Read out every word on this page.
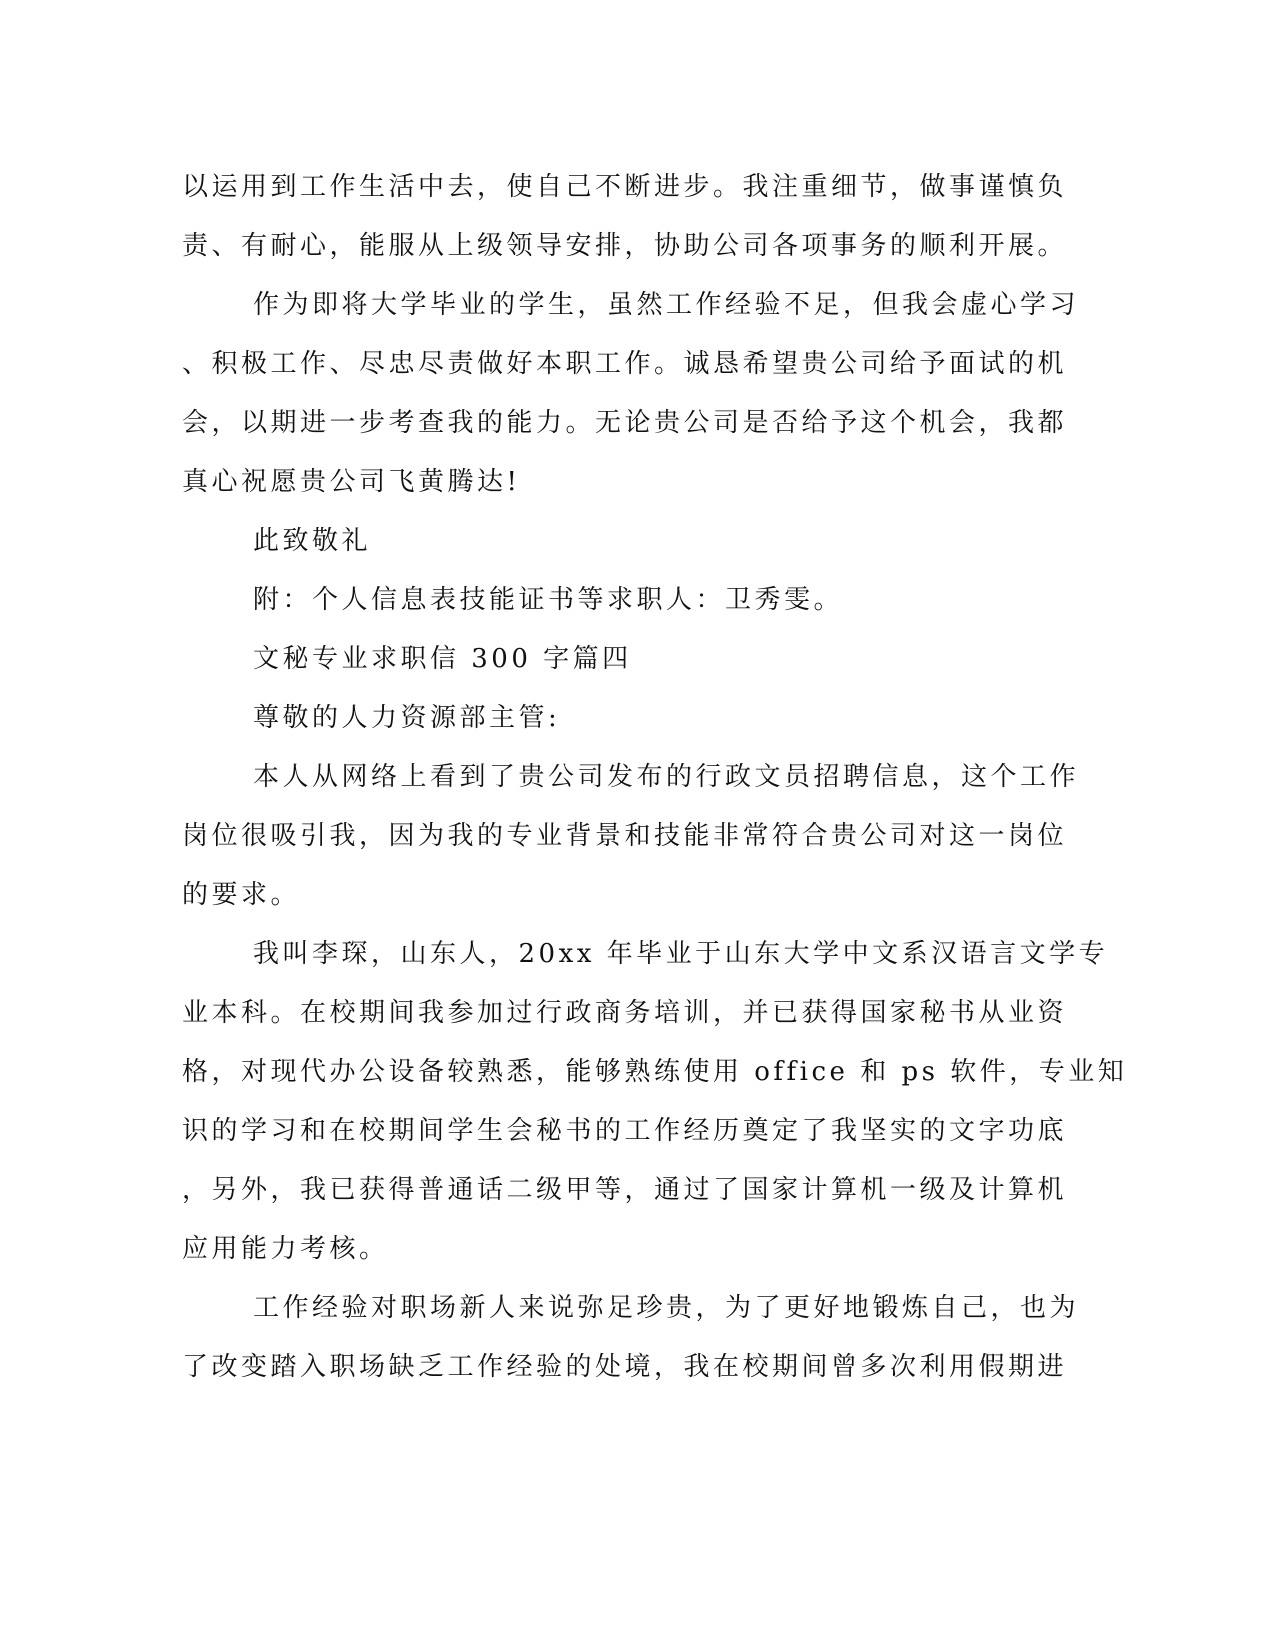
以运用到工作生活中去，使自己不断进步。我注重细节，做事谨慎负
责、有耐心，能服从上级领导安排，协助公司各项事务的顺利开展。
作为即将大学毕业的学生，虽然工作经验不足，但我会虚心学习
、积极工作、尽忠尽责做好本职工作。诚恳希望贵公司给予面试的机
会，以期进一步考查我的能力。无论贵公司是否给予这个机会，我都
真心祝愿贵公司飞黄腾达!
此致敬礼
附：个人信息表技能证书等求职人：卫秀雯。
文秘专业求职信 300 字篇四
尊敬的人力资源部主管:
本人从网络上看到了贵公司发布的行政文员招聘信息，这个工作
岗位很吸引我，因为我的专业背景和技能非常符合贵公司对这一岗位
的要求。
我叫李琛，山东人，20xx 年毕业于山东大学中文系汉语言文学专
业本科。在校期间我参加过行政商务培训，并已获得国家秘书从业资
格，对现代办公设备较熟悉，能够熟练使用 office 和 ps 软件，专业知
识的学习和在校期间学生会秘书的工作经历奠定了我坚实的文字功底
，另外，我已获得普通话二级甲等，通过了国家计算机一级及计算机
应用能力考核。
工作经验对职场新人来说弥足珍贵，为了更好地锻炼自己，也为
了改变踏入职场缺乏工作经验的处境，我在校期间曾多次利用假期进
